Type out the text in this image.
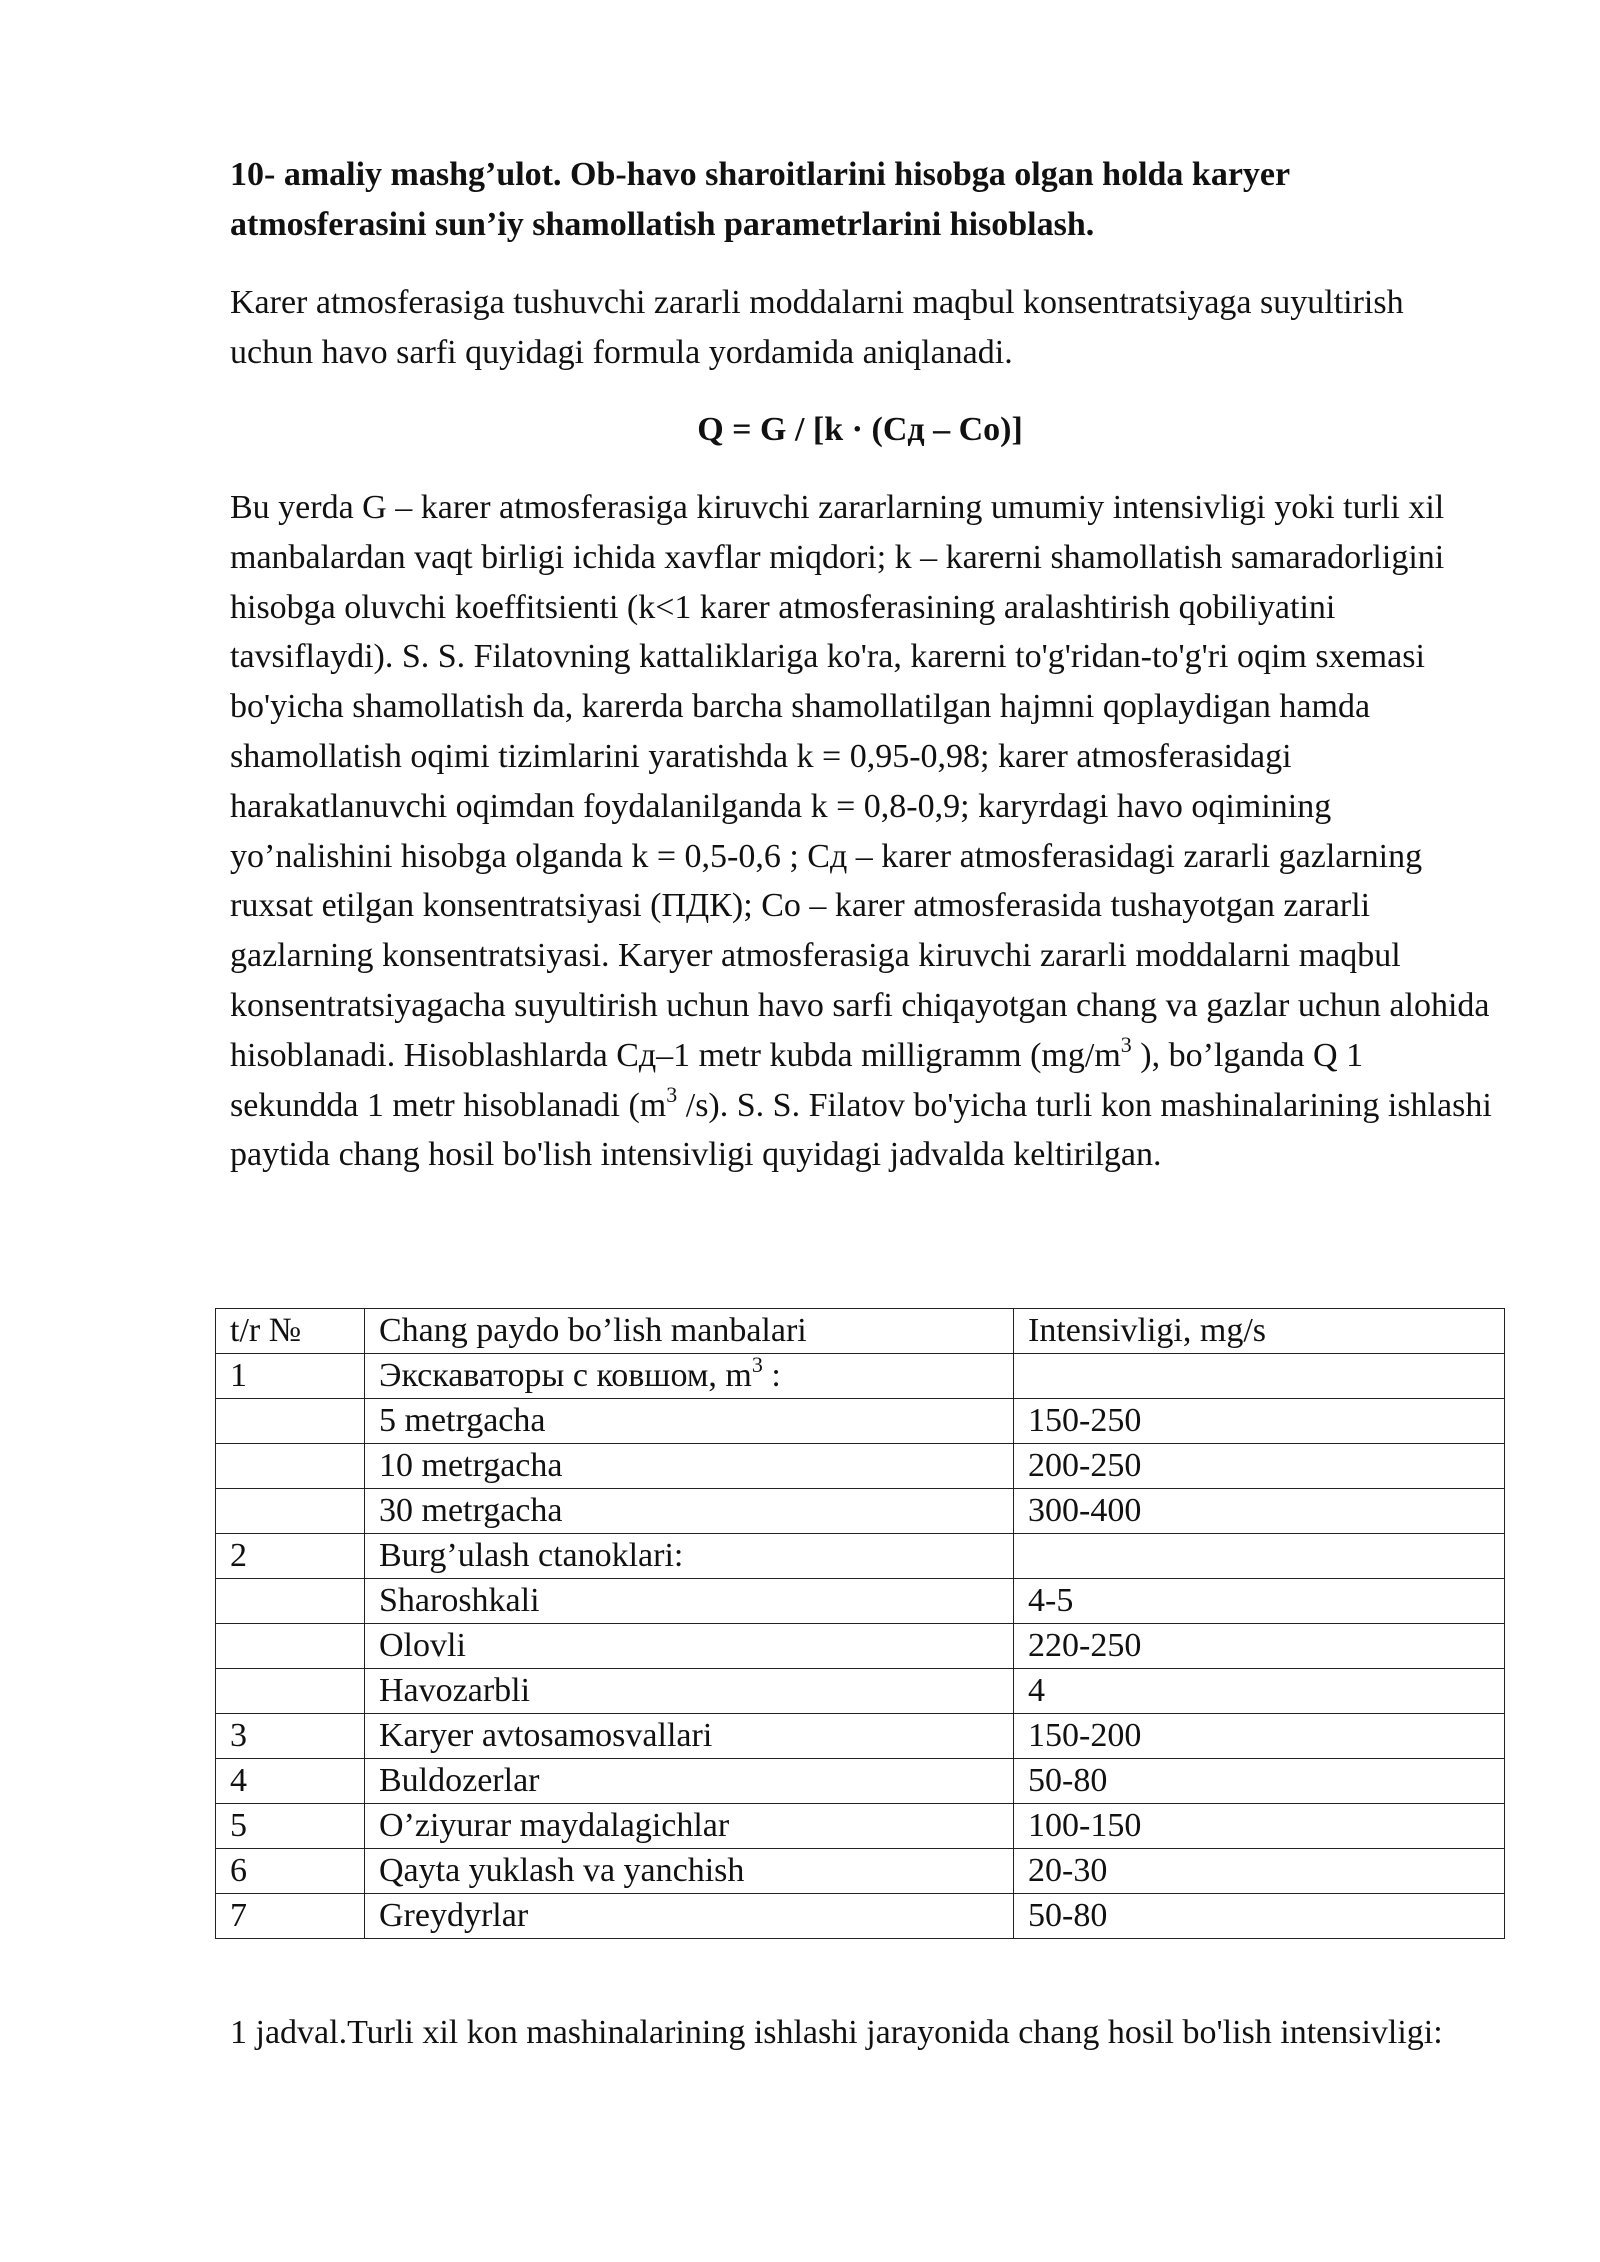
10- amaliy mashg’ulot. Ob-havo sharoitlarini hisobga olgan holda karyer atmosferasini sun’iy shamollatish parametrlarini hisoblash.

Karer atmosferasiga tushuvchi zararli moddalarni maqbul konsentratsiyaga suyultirish uchun havo sarfi quyidagi formula yordamida aniqlanadi.

Q = G / [k · (Сд – Сo)]

Bu yerda G – karer atmosferasiga kiruvchi zararlarning umumiy intensivligi yoki turli xil manbalardan vaqt birligi ichida xavflar miqdori; k – karerni shamollatish samaradorligini hisobga oluvchi koeffitsienti (k<1 karer atmosferasining aralashtirish qobiliyatini tavsiflaydi). S. S. Filatovning kattaliklariga ko'ra, karerni to'g'ridan-to'g'ri oqim sxemasi bo'yicha shamollatish da, karerda barcha shamollatilgan hajmni qoplaydigan hamda shamollatish oqimi tizimlarini yaratishda k = 0,95-0,98; karer atmosferasidagi harakatlanuvchi oqimdan foydalanilganda k = 0,8-0,9; karyrdagi havo oqimining yo’nalishini hisobga olganda k = 0,5-0,6 ; Сд – karer atmosferasidagi zararli gazlarning ruxsat etilgan konsentratsiyasi (ПДК); Сo – karer atmosferasida tushayotgan zararli gazlarning konsentratsiyasi. Karyer atmosferasiga kiruvchi zararli moddalarni maqbul konsentratsiyagacha suyultirish uchun havo sarfi chiqayotgan chang va gazlar uchun alohida hisoblanadi. Hisoblashlarda Сд–1 metr kubda milligramm ($mg/m^3$ ), bo’lganda Q 1 sekundda 1 metr hisoblanadi ($m^3$ /s). S. S. Filatov bo'yicha turli kon mashinalarining ishlashi paytida chang hosil bo'lish intensivligi quyidagi jadvalda keltirilgan.

t/r №	Chang paydo bo’lish manbalari	Intensivligi, mg/s
1	Экскаваторы с ковшом, $m^3$ :	
	5 metrgacha	150-250
	10 metrgacha	200-250
	30 metrgacha	300-400
2	Burg’ulash ctanoklari:	
	Sharoshkali	4-5
	Olovli	220-250
	Havozarbli	4
3	Karyer avtosamosvallari	150-200
4	Buldozerlar	50-80
5	O’ziyurar maydalagichlar	100-150
6	Qayta yuklash va yanchish	20-30
7	Greydyrlar	50-80

1 jadval.Turli xil kon mashinalarining ishlashi jarayonida chang hosil bo'lish intensivligi:
